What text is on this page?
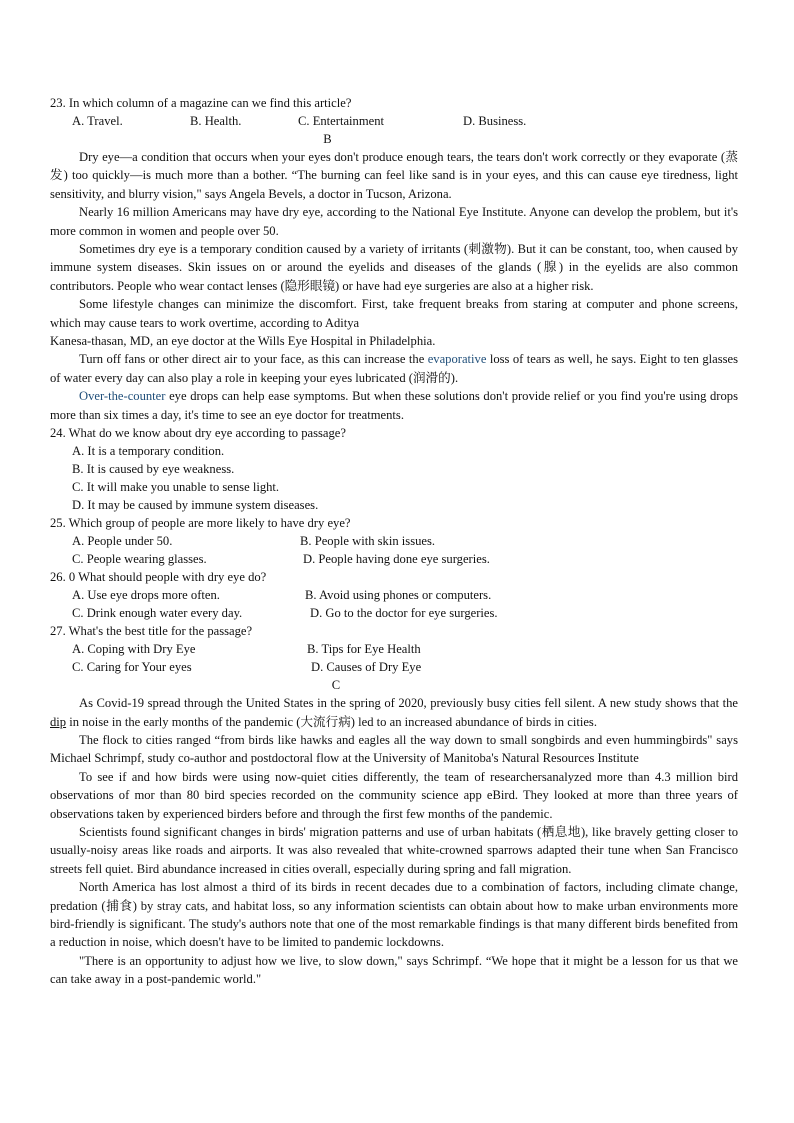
23. In which column of a magazine can we find this article?
A. Travel.	B. Health.	C. Entertainment	D. Business.
B

Dry eye—a condition that occurs when your eyes don't produce enough tears, the tears don't work correctly or they evaporate (蒸发) too quickly—is much more than a bother. “The burning can feel like sand is in your eyes, and this can cause eye tiredness, light sensitivity, and blurry vision," says Angela Bevels, a doctor in Tucson, Arizona.

Nearly 16 million Americans may have dry eye, according to the National Eye Institute. Anyone can develop the problem, but it's more common in women and people over 50.

Sometimes dry eye is a temporary condition caused by a variety of irritants (刺激物). But it can be constant, too, when caused by immune system diseases. Skin issues on or around the eyelids and diseases of the glands (腺) in the eyelids are also common contributors. People who wear contact lenses (隐形眼镜) or have had eye surgeries are also at a higher risk.

Some lifestyle changes can minimize the discomfort. First, take frequent breaks from staring at computer and phone screens, which may cause tears to work overtime, according to Aditya

Kanesa-thasan, MD, an eye doctor at the Wills Eye Hospital in Philadelphia.

Turn off fans or other direct air to your face, as this can increase the evaporative loss of tears as well, he says. Eight to ten glasses of water every day can also play a role in keeping your eyes lubricated (润滑的).

Over-the-counter eye drops can help ease symptoms. But when these solutions don't provide relief or you find you're using drops more than six times a day, it's time to see an eye doctor for treatments.

24. What do we know about dry eye according to passage?
A. It is a temporary condition.
B. It is caused by eye weakness.
C. It will make you unable to sense light.
D. It may be caused by immune system diseases.
25. Which group of people are more likely to have dry eye?
A. People under 50.	B. People with skin issues.
C. People wearing glasses.	D. People having done eye surgeries.
26. 0 What should people with dry eye do?
A. Use eye drops more often.	B. Avoid using phones or computers.
C. Drink enough water every day.	D. Go to the doctor for eye surgeries.
27. What's the best title for the passage?
A. Coping with Dry Eye	B. Tips for Eye Health
C. Caring for Your eyes	D. Causes of Dry Eye
C

As Covid-19 spread through the United States in the spring of 2020, previously busy cities fell silent. A new study shows that the dip in noise in the early months of the pandemic (大流行病) led to an increased abundance of birds in cities.

The flock to cities ranged “from birds like hawks and eagles all the way down to small songbirds and even hummingbirds" says Michael Schrimpf, study co-author and postdoctoral flow at the University of Manitoba's Natural Resources Institute

To see if and how birds were using now-quiet cities differently, the team of researchersanalyzed more than 4.3 million bird observations of mor than 80 bird species recorded on the community science app eBird. They looked at more than three years of observations taken by experienced birders before and through the first few months of the pandemic.

Scientists found significant changes in birds' migration patterns and use of urban habitats (栖息地), like bravely getting closer to usually-noisy areas like roads and airports. It was also revealed that white-crowned sparrows adapted their tune when San Francisco streets fell quiet. Bird abundance increased in cities overall, especially during spring and fall migration.

North America has lost almost a third of its birds in recent decades due to a combination of factors, including climate change, predation (捕食) by stray cats, and habitat loss, so any information scientists can obtain about how to make urban environments more bird-friendly is significant. The study's authors note that one of the most remarkable findings is that many different birds benefited from a reduction in noise, which doesn't have to be limited to pandemic lockdowns.

"There is an opportunity to adjust how we live, to slow down," says Schrimpf. “We hope that it might be a lesson for us that we can take away in a post-pandemic world."
